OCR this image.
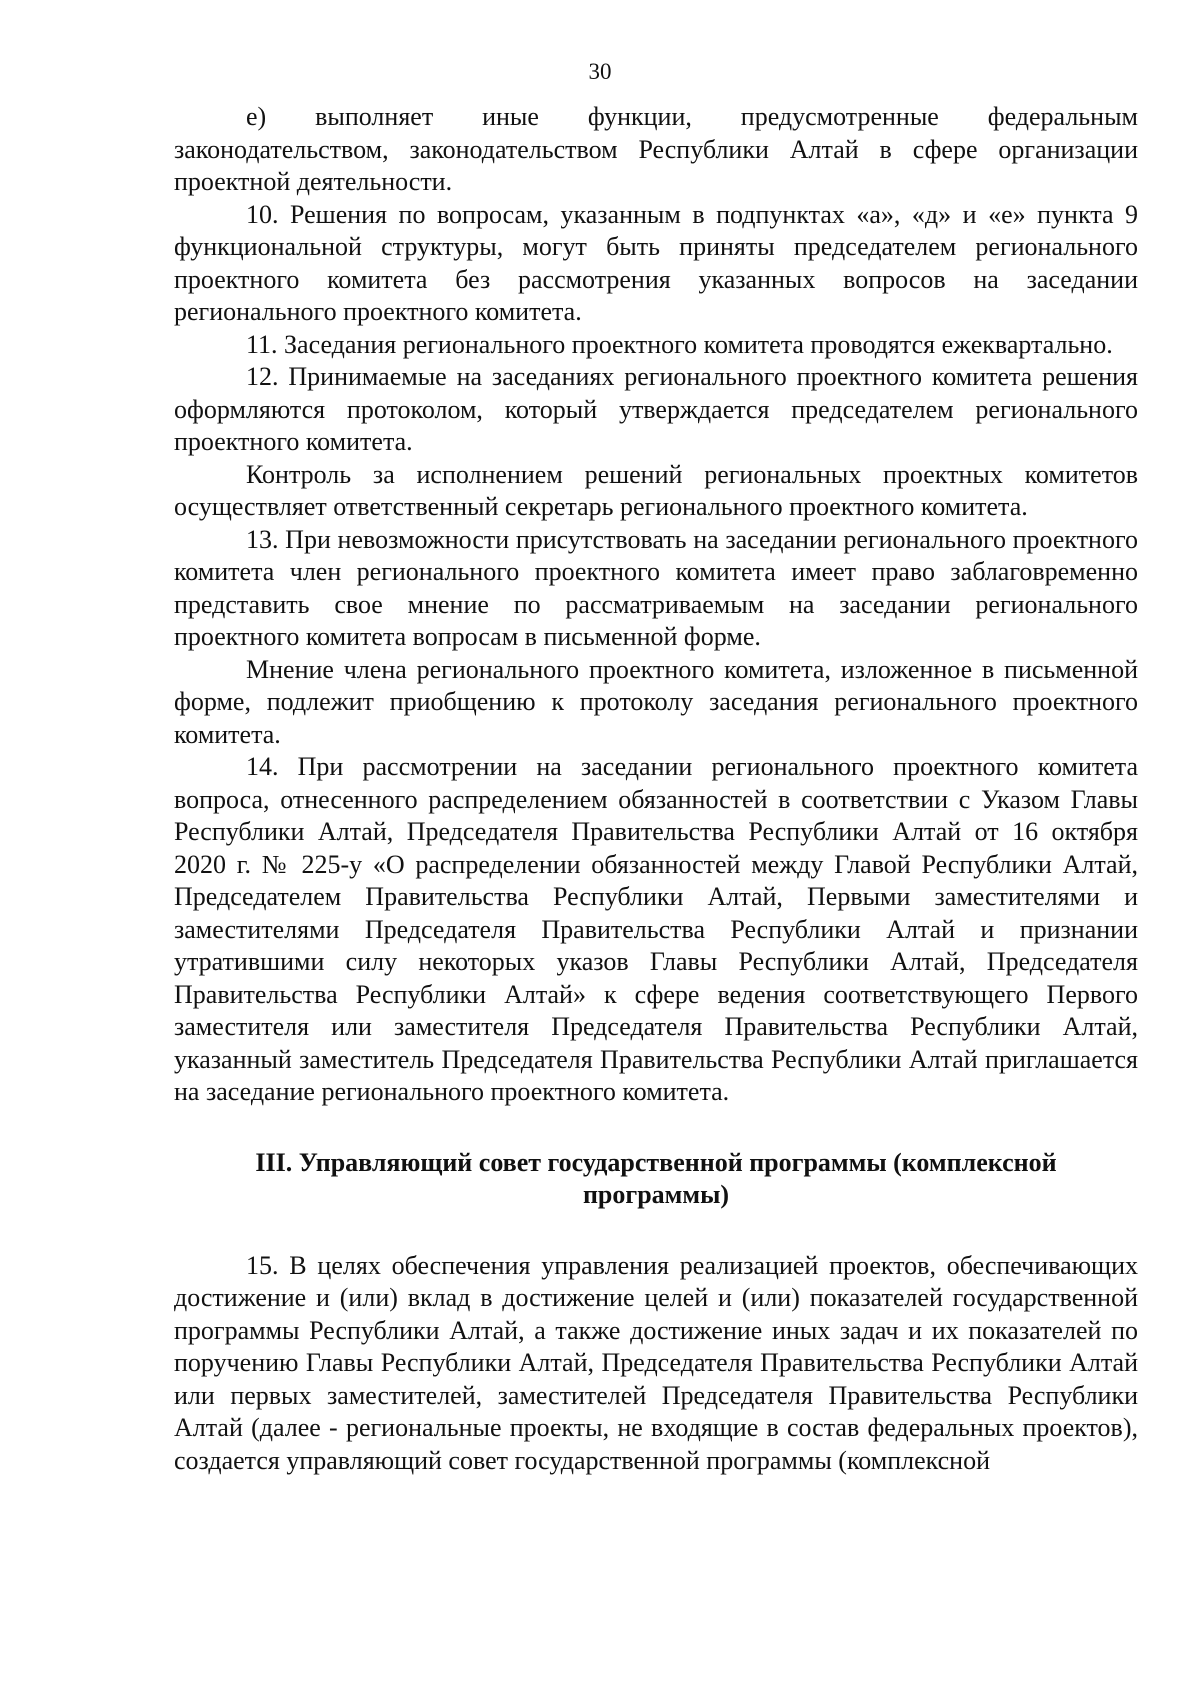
30

е) выполняет иные функции, предусмотренные федеральным законодательством, законодательством Республики Алтай в сфере организации проектной деятельности.

10. Решения по вопросам, указанным в подпунктах «а», «д» и «е» пункта 9 функциональной структуры, могут быть приняты председателем регионального проектного комитета без рассмотрения указанных вопросов на заседании регионального проектного комитета.

11. Заседания регионального проектного комитета проводятся ежеквартально.

12. Принимаемые на заседаниях регионального проектного комитета решения оформляются протоколом, который утверждается председателем регионального проектного комитета.

Контроль за исполнением решений региональных проектных комитетов осуществляет ответственный секретарь регионального проектного комитета.

13. При невозможности присутствовать на заседании регионального проектного комитета член регионального проектного комитета имеет право заблаговременно представить свое мнение по рассматриваемым на заседании регионального проектного комитета вопросам в письменной форме.

Мнение члена регионального проектного комитета, изложенное в письменной форме, подлежит приобщению к протоколу заседания регионального проектного комитета.

14. При рассмотрении на заседании регионального проектного комитета вопроса, отнесенного распределением обязанностей в соответствии с Указом Главы Республики Алтай, Председателя Правительства Республики Алтай от 16 октября 2020 г. № 225-у «О распределении обязанностей между Главой Республики Алтай, Председателем Правительства Республики Алтай, Первыми заместителями и заместителями Председателя Правительства Республики Алтай и признании утратившими силу некоторых указов Главы Республики Алтай, Председателя Правительства Республики Алтай» к сфере ведения соответствующего Первого заместителя или заместителя Председателя Правительства Республики Алтай, указанный заместитель Председателя Правительства Республики Алтай приглашается на заседание регионального проектного комитета.

III. Управляющий совет государственной программы (комплексной программы)

15. В целях обеспечения управления реализацией проектов, обеспечивающих достижение и (или) вклад в достижение целей и (или) показателей государственной программы Республики Алтай, а также достижение иных задач и их показателей по поручению Главы Республики Алтай, Председателя Правительства Республики Алтай или первых заместителей, заместителей Председателя Правительства Республики Алтай (далее - региональные проекты, не входящие в состав федеральных проектов), создается управляющий совет государственной программы (комплексной
